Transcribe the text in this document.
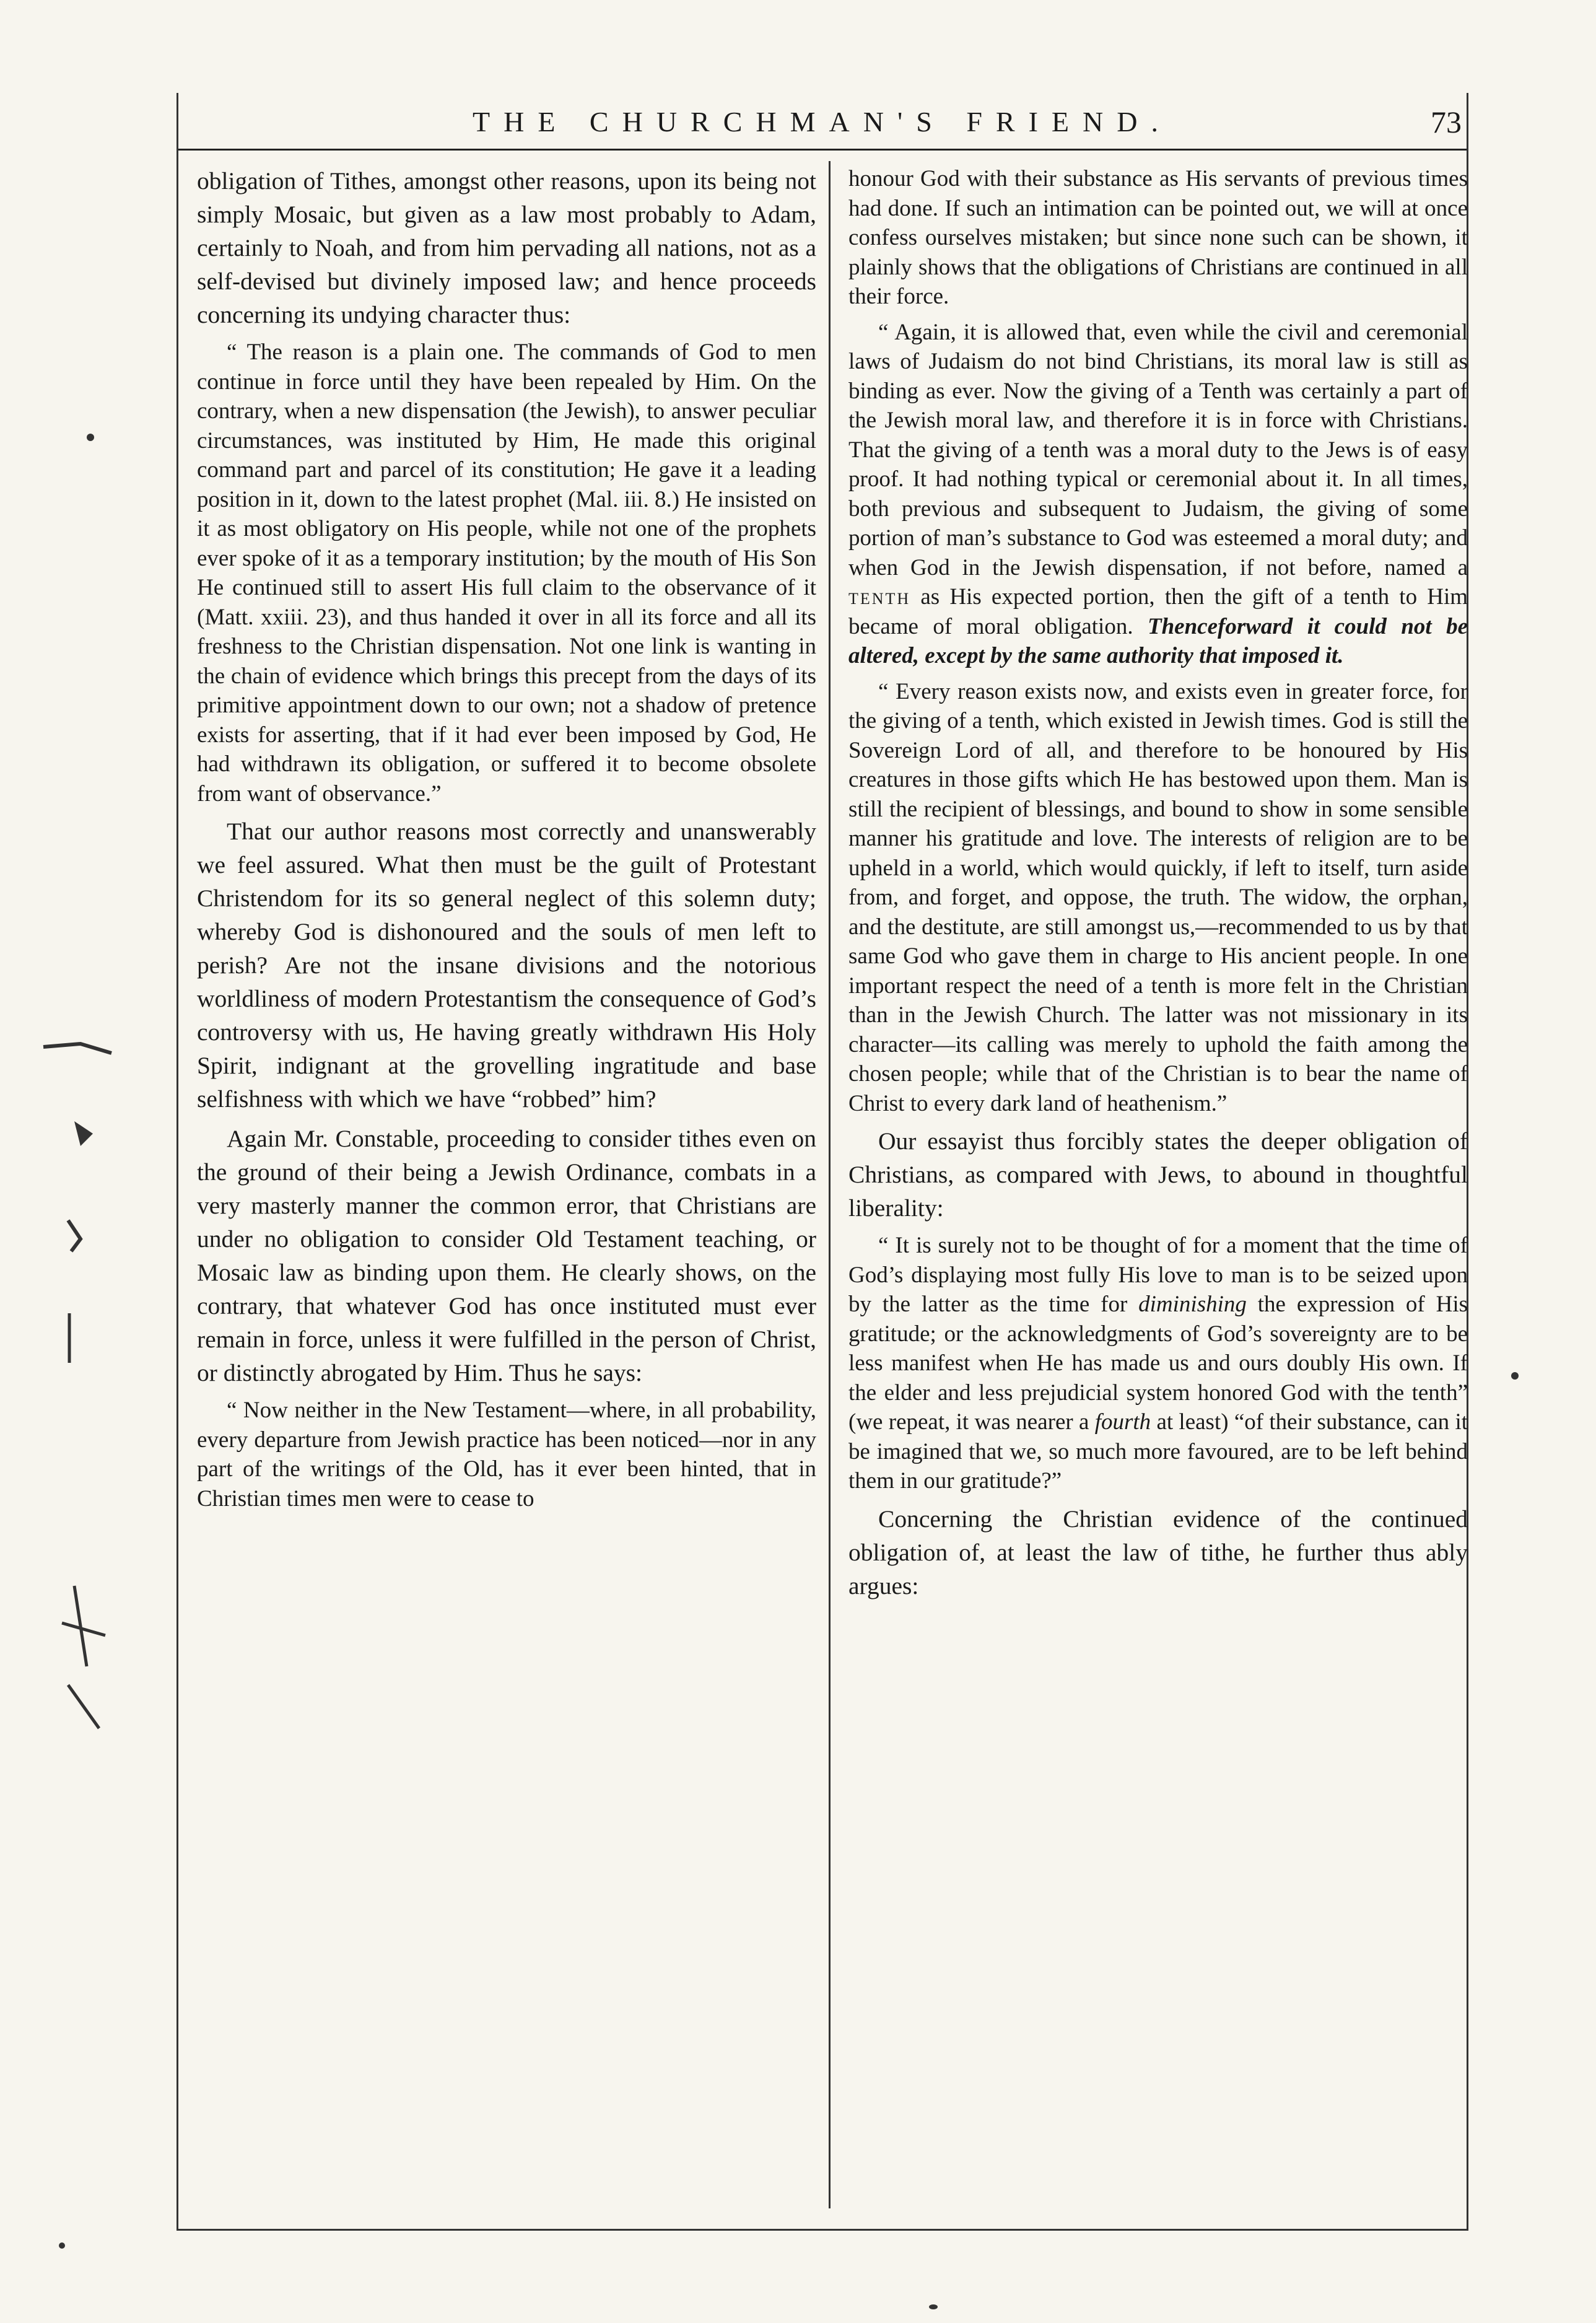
THE CHURCHMAN'S FRIEND.	73

obligation of Tithes, amongst other reasons, upon its being not simply Mosaic, but given as a law most probably to Adam, certainly to Noah, and from him pervading all nations, not as a self-devised but divinely imposed law; and hence proceeds concerning its undying character thus:

“ The reason is a plain one. The commands of God to men continue in force until they have been repealed by Him. On the contrary, when a new dispensation (the Jewish), to answer peculiar circumstances, was instituted by Him, He made this original command part and parcel of its constitution; He gave it a leading position in it, down to the latest prophet (Mal. iii. 8.) He insisted on it as most obligatory on His people, while not one of the prophets ever spoke of it as a temporary institution; by the mouth of His Son He continued still to assert His full claim to the observance of it (Matt. xxiii. 23), and thus handed it over in all its force and all its freshness to the Christian dispensation. Not one link is wanting in the chain of evidence which brings this precept from the days of its primitive appointment down to our own; not a shadow of pretence exists for asserting, that if it had ever been imposed by God, He had withdrawn its obligation, or suffered it to become obsolete from want of observance.”

That our author reasons most correctly and unanswerably we feel assured. What then must be the guilt of Protestant Christendom for its so general neglect of this solemn duty; whereby God is dishonoured and the souls of men left to perish? Are not the insane divisions and the notorious worldliness of modern Protestantism the consequence of God’s controversy with us, He having greatly withdrawn His Holy Spirit, indignant at the grovelling ingratitude and base selfishness with which we have “robbed” him?

Again Mr. Constable, proceeding to consider tithes even on the ground of their being a Jewish Ordinance, combats in a very masterly manner the common error, that Christians are under no obligation to consider Old Testament teaching, or Mosaic law as binding upon them. He clearly shows, on the contrary, that whatever God has once instituted must ever remain in force, unless it were fulfilled in the person of Christ, or distinctly abrogated by Him. Thus he says:

“ Now neither in the New Testament—where, in all probability, every departure from Jewish practice has been noticed—nor in any part of the writings of the Old, has it ever been hinted, that in Christian times men were to cease to

honour God with their substance as His servants of previous times had done. If such an intimation can be pointed out, we will at once confess ourselves mistaken; but since none such can be shown, it plainly shows that the obligations of Christians are continued in all their force.

“ Again, it is allowed that, even while the civil and ceremonial laws of Judaism do not bind Christians, its moral law is still as binding as ever. Now the giving of a Tenth was certainly a part of the Jewish moral law, and therefore it is in force with Christians. That the giving of a tenth was a moral duty to the Jews is of easy proof. It had nothing typical or ceremonial about it. In all times, both previous and subsequent to Judaism, the giving of some portion of man’s substance to God was esteemed a moral duty; and when God in the Jewish dispensation, if not before, named a tenth as His expected portion, then the gift of a tenth to Him became of moral obligation. Thenceforward it could not be altered, except by the same authority that imposed it.

“ Every reason exists now, and exists even in greater force, for the giving of a tenth, which existed in Jewish times. God is still the Sovereign Lord of all, and therefore to be honoured by His creatures in those gifts which He has bestowed upon them. Man is still the recipient of blessings, and bound to show in some sensible manner his gratitude and love. The interests of religion are to be upheld in a world, which would quickly, if left to itself, turn aside from, and forget, and oppose, the truth. The widow, the orphan, and the destitute, are still amongst us,—recommended to us by that same God who gave them in charge to His ancient people. In one important respect the need of a tenth is more felt in the Christian than in the Jewish Church. The latter was not missionary in its character—its calling was merely to uphold the faith among the chosen people; while that of the Christian is to bear the name of Christ to every dark land of heathenism.”

Our essayist thus forcibly states the deeper obligation of Christians, as compared with Jews, to abound in thoughtful liberality:

“ It is surely not to be thought of for a moment that the time of God’s displaying most fully His love to man is to be seized upon by the latter as the time for diminishing the expression of His gratitude; or the acknowledgments of God’s sovereignty are to be less manifest when He has made us and ours doubly His own. If the elder and less prejudicial system honored God with the tenth” (we repeat, it was nearer a fourth at least) “of their substance, can it be imagined that we, so much more favoured, are to be left behind them in our gratitude?”

Concerning the Christian evidence of the continued obligation of, at least the law of tithe, he further thus ably argues:
